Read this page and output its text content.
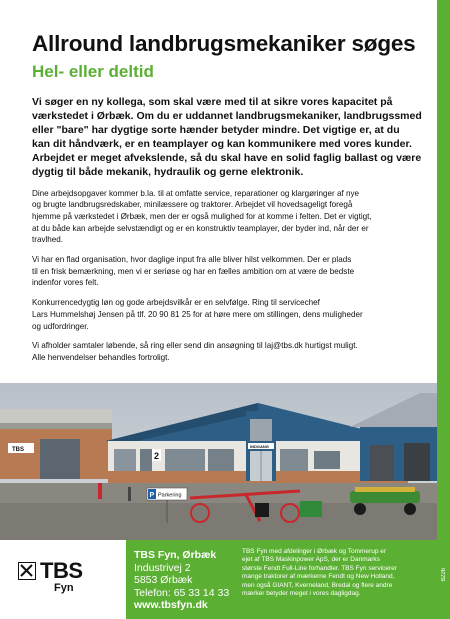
Allround landbrugsmekaniker søges
Hel- eller deltid

Vi søger en ny kollega, som skal være med til at sikre vores kapacitet på
værkstedet i Ørbæk. Om du er uddannet landbrugsmekaniker, landbrugssmed
eller "bare" har dygtige sorte hænder betyder mindre. Det vigtige er, at du
kan dit håndværk, er en teamplayer og kan kommunikere med vores kunder.
Arbejdet er meget afvekslende, så du skal have en solid faglig ballast og være
dygtig til både mekanik, hydraulik og gerne elektronik.

Dine arbejdsopgaver kommer b.la. til at omfatte service, reparationer og klargøringer af nye
og brugte landbrugsredskaber, minilæssere og traktorer. Arbejdet vil hovedsageligt foregå
hjemme på værkstedet i Ørbæk, men der er også mulighed for at komme i felten. Det er vigtigt,
at du både kan arbejde selvstændigt og er en konstruktiv teamplayer, der byder ind, når der er
travlhed.

Vi har en flad organisation, hvor daglige input fra alle bliver hilst velkommen. Der er plads
til en frisk bemærkning, men vi er seriøse og har en fælles ambition om at være de bedste
indenfor vores felt.

Konkurrencedygtig løn og gode arbejdsvilkår er en selvfølge. Ring til servicechef
Lars Hummelshøj Jensen på tlf. 20 90 81 25 for at høre mere om stillingen, dens muligheder
og udfordringer.

Vi afholder samtaler løbende, så ring eller send din ansøgning til laj@tbs.dk hurtigst muligt.
Alle henvendelser behandles fortroligt.

TBS
2
INDGANG
P Parkering
TBS
Fyn
TBS Fyn, Ørbæk
Industrivej 2
5853 Ørbæk
Telefon: 65 33 14 33
www.tbsfyn.dk
TBS Fyn med afdelinger i Ørbæk og Tommerup er
ejet af TBS Maskinpower ApS, der er Danmarks
største Fendt Full-Line forhandler. TBS Fyn servicerer
mange traktorer af mærkerne Fendt og New Holland,
men også GIANT, Kverneland, Bredal og flere andre
mærker betyder meget i vores dagligdag.
8226
